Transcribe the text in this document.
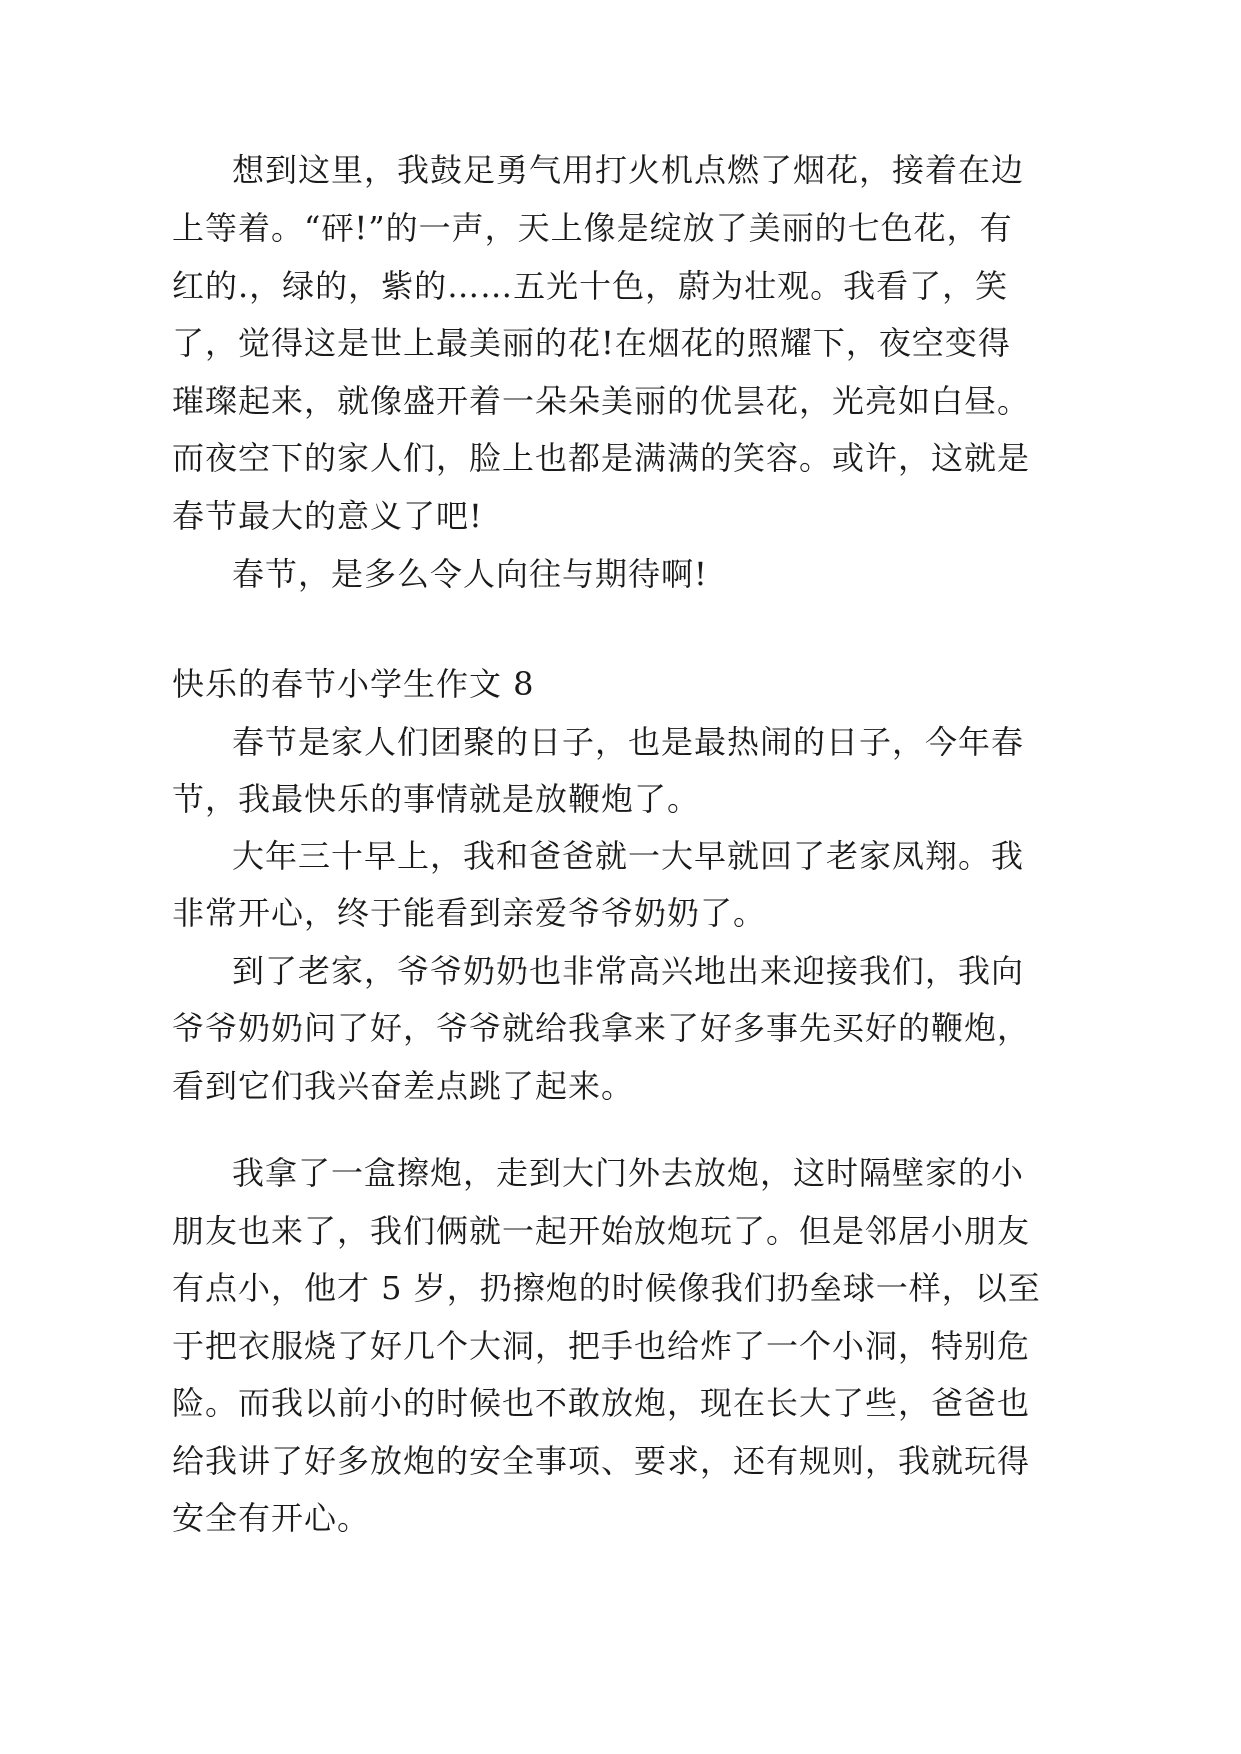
想到这里，我鼓足勇气用打火机点燃了烟花，接着在边
上等着。“砰!”的一声，天上像是绽放了美丽的七色花，有
红的.，绿的，紫的……五光十色，蔚为壮观。我看了，笑
了，觉得这是世上最美丽的花!在烟花的照耀下，夜空变得
璀璨起来，就像盛开着一朵朵美丽的优昙花，光亮如白昼。
而夜空下的家人们，脸上也都是满满的笑容。或许，这就是
春节最大的意义了吧!
春节，是多么令人向往与期待啊!
快乐的春节小学生作文 8
春节是家人们团聚的日子，也是最热闹的日子，今年春
节，我最快乐的事情就是放鞭炮了。
大年三十早上，我和爸爸就一大早就回了老家凤翔。我
非常开心，终于能看到亲爱爷爷奶奶了。
到了老家，爷爷奶奶也非常高兴地出来迎接我们，我向
爷爷奶奶问了好，爷爷就给我拿来了好多事先买好的鞭炮，
看到它们我兴奋差点跳了起来。
我拿了一盒擦炮，走到大门外去放炮，这时隔壁家的小
朋友也来了，我们俩就一起开始放炮玩了。但是邻居小朋友
有点小，他才 5 岁，扔擦炮的时候像我们扔垒球一样，以至
于把衣服烧了好几个大洞，把手也给炸了一个小洞，特别危
险。而我以前小的时候也不敢放炮，现在长大了些，爸爸也
给我讲了好多放炮的安全事项、要求，还有规则，我就玩得
安全有开心。
